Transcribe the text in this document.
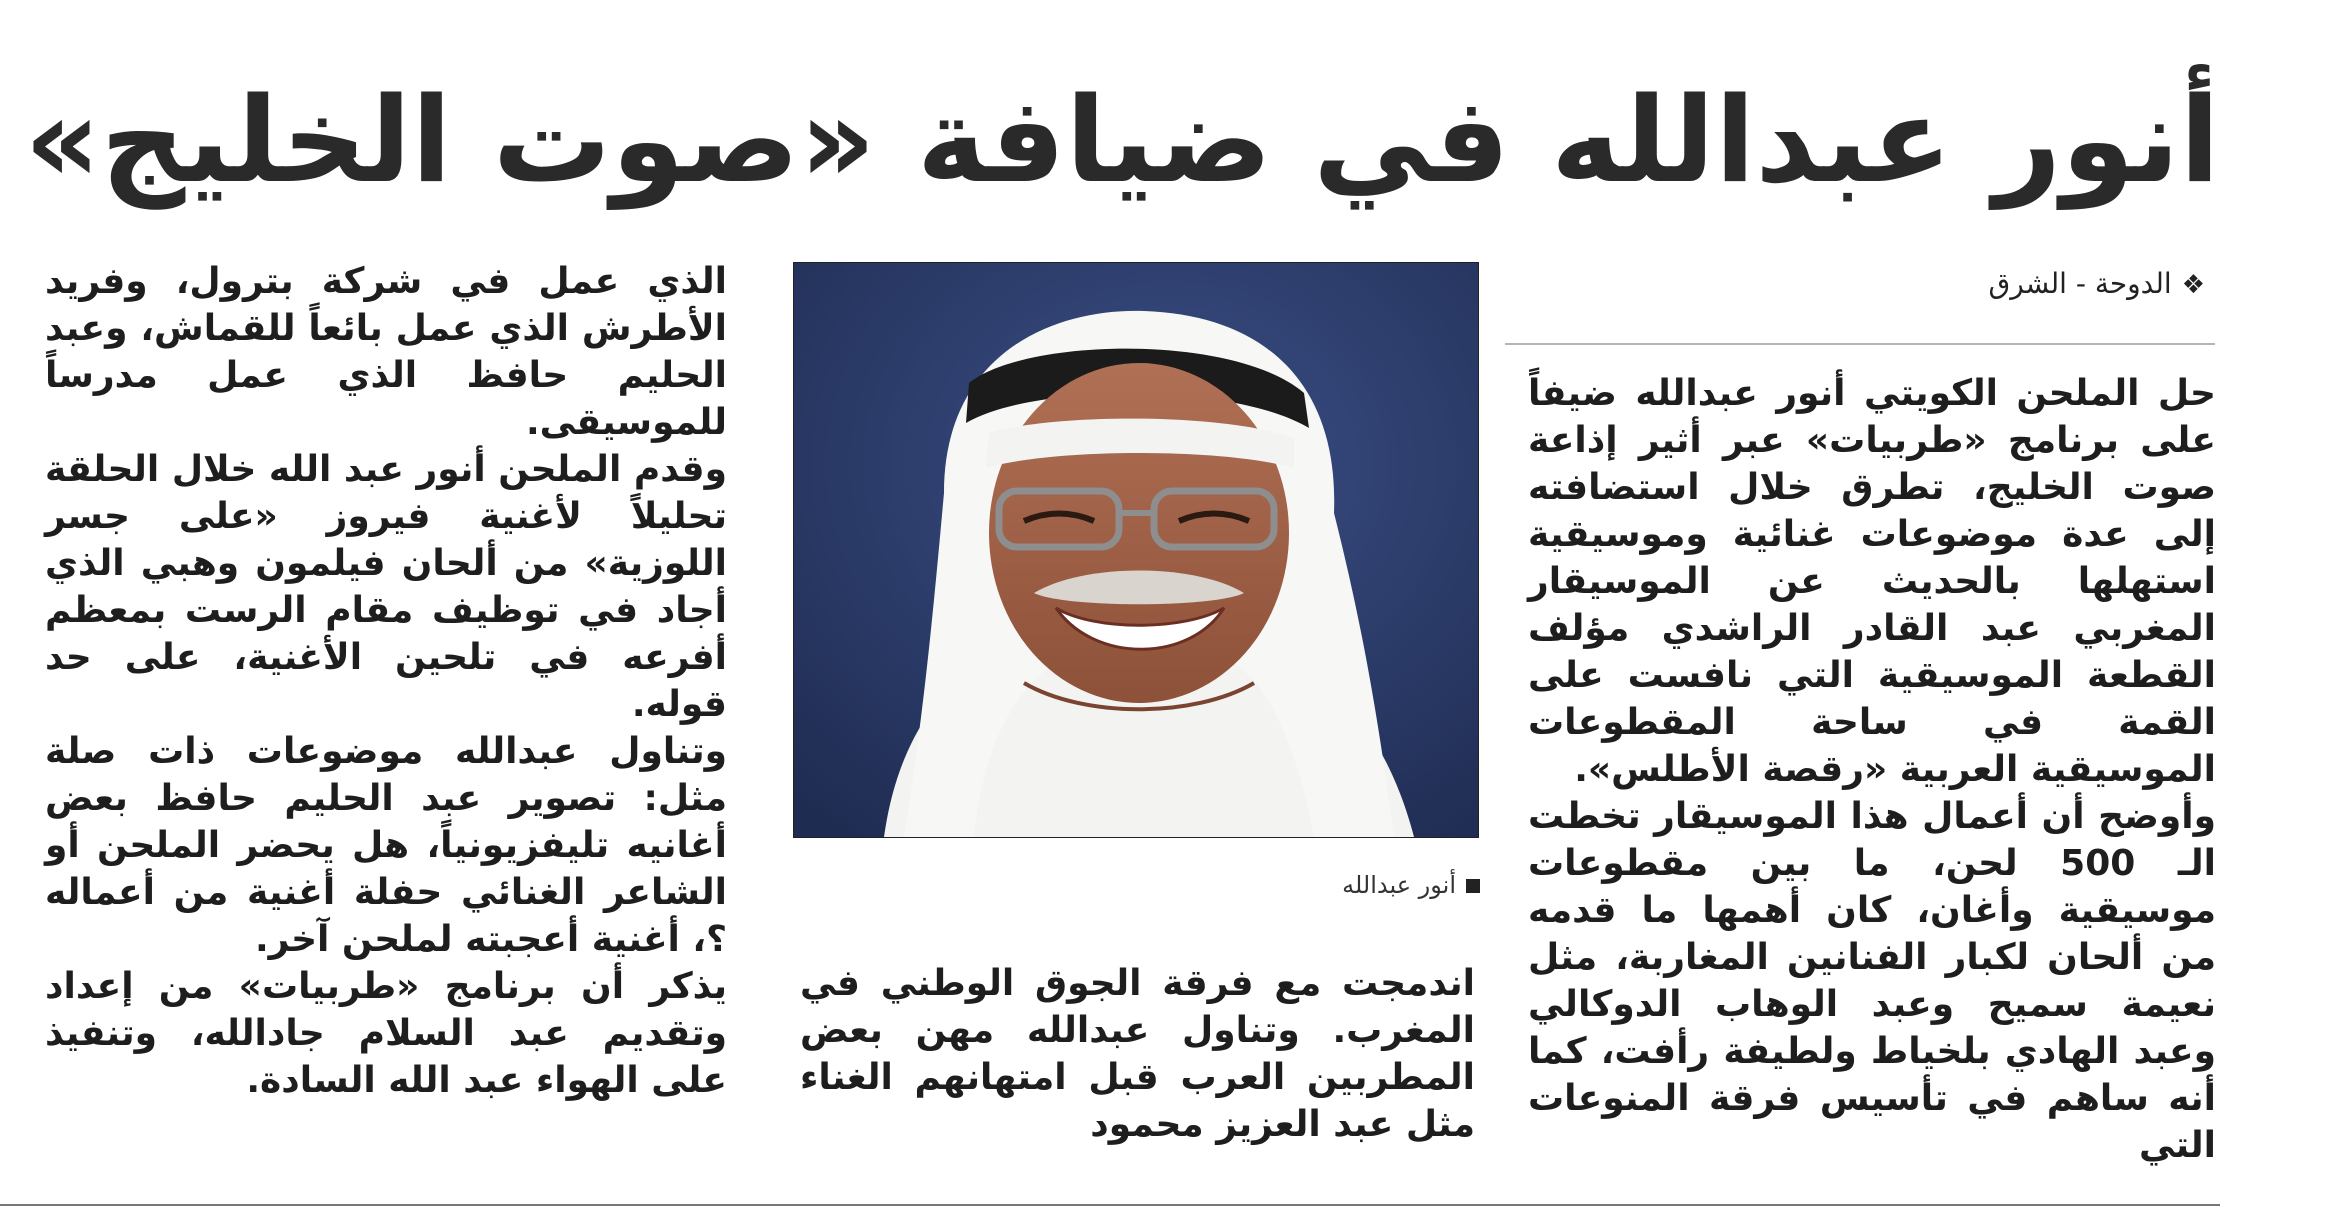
أنور عبدالله في ضيافة «صوت الخليج»
❖الدوحة - الشرق

حل الملحن الكويتي أنور عبدالله ضيفاً على برنامج «طربيات» عبر أثير إذاعة صوت الخليج، تطرق خلال استضافته إلى عدة موضوعات غنائية وموسيقية استهلها بالحديث عن الموسيقار المغربي عبد القادر الراشدي مؤلف القطعة الموسيقية التي نافست على القمة في ساحة المقطوعات الموسيقية العربية «رقصة الأطلس».

وأوضح أن أعمال هذا الموسيقار تخطت الـ 500 لحن، ما بين مقطوعات موسيقية وأغان، كان أهمها ما قدمه من ألحان لكبار الفنانين المغاربة، مثل نعيمة سميح وعبد الوهاب الدوكالي وعبد الهادي بلخياط ولطيفة رأفت، كما أنه ساهم في تأسيس فرقة المنوعات التي

أنور عبدالله

اندمجت مع فرقة الجوق الوطني في المغرب. وتناول عبدالله مهن بعض المطربين العرب قبل امتهانهم الغناء مثل عبد العزيز محمود

الذي عمل في شركة بترول، وفريد الأطرش الذي عمل بائعاً للقماش، وعبد الحليم حافظ الذي عمل مدرساً للموسيقى.

وقدم الملحن أنور عبد الله خلال الحلقة تحليلاً لأغنية فيروز «على جسر اللوزية» من ألحان فيلمون وهبي الذي أجاد في توظيف مقام الرست بمعظم أفرعه في تلحين الأغنية، على حد قوله.

وتناول عبدالله موضوعات ذات صلة مثل: تصوير عبد الحليم حافظ بعض أغانيه تليفزيونياً، هل يحضر الملحن أو الشاعر الغنائي حفلة أغنية من أعماله ؟، أغنية أعجبته لملحن آخر.

يذكر أن برنامج «طربيات» من إعداد وتقديم عبد السلام جادالله، وتنفيذ على الهواء عبد الله السادة.
